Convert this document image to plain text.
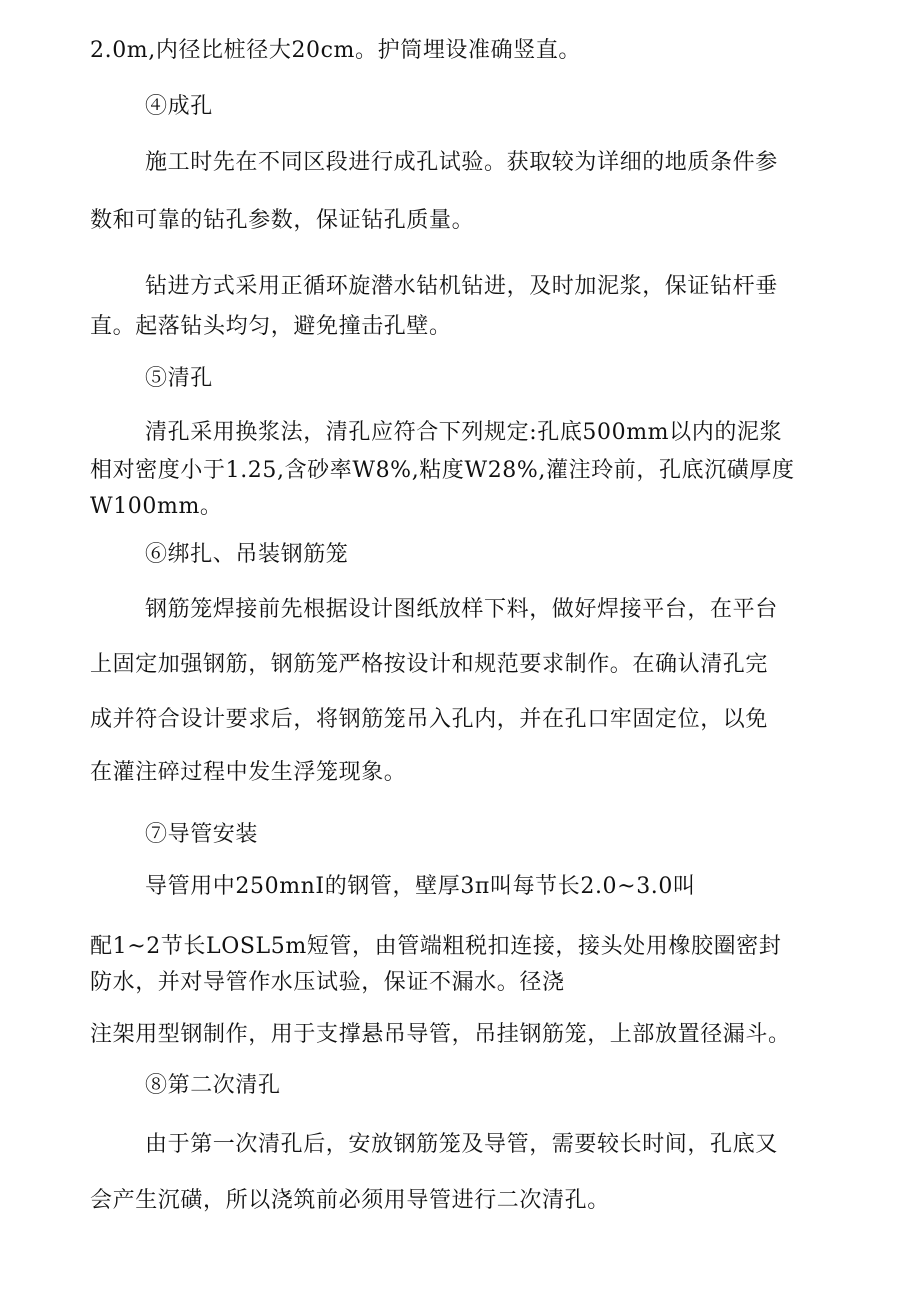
2.0m,内径比桩径大20cm。护筒埋设准确竖直。

④成孔

施工时先在不同区段进行成孔试验。获取较为详细的地质条件参

数和可靠的钻孔参数，保证钻孔质量。

钻进方式采用正循环旋潜水钻机钻进，及时加泥浆，保证钻杆垂

直。起落钻头均匀，避免撞击孔壁。

⑤清孔

清孔采用换浆法，清孔应符合下列规定:孔底500mm以内的泥浆

相对密度小于1.25,含砂率W8%,粘度W28%,灌注玲前，孔底沉磺厚度

W100mm。

⑥绑扎、吊装钢筋笼

钢筋笼焊接前先根据设计图纸放样下料，做好焊接平台，在平台

上固定加强钢筋，钢筋笼严格按设计和规范要求制作。在确认清孔完

成并符合设计要求后，将钢筋笼吊入孔内，并在孔口牢固定位，以免

在灌注碎过程中发生浮笼现象。

⑦导管安装

导管用中250mnI的钢管，壁厚3π叫每节长2.0~3.0叫

配1~2节长LOSL5m短管，由管端粗税扣连接，接头处用橡胶圈密封

防水，并对导管作水压试验，保证不漏水。径浇

注架用型钢制作，用于支撑悬吊导管，吊挂钢筋笼，上部放置径漏斗。

⑧第二次清孔

由于第一次清孔后，安放钢筋笼及导管，需要较长时间，孔底又

会产生沉磺，所以浇筑前必须用导管进行二次清孔。
